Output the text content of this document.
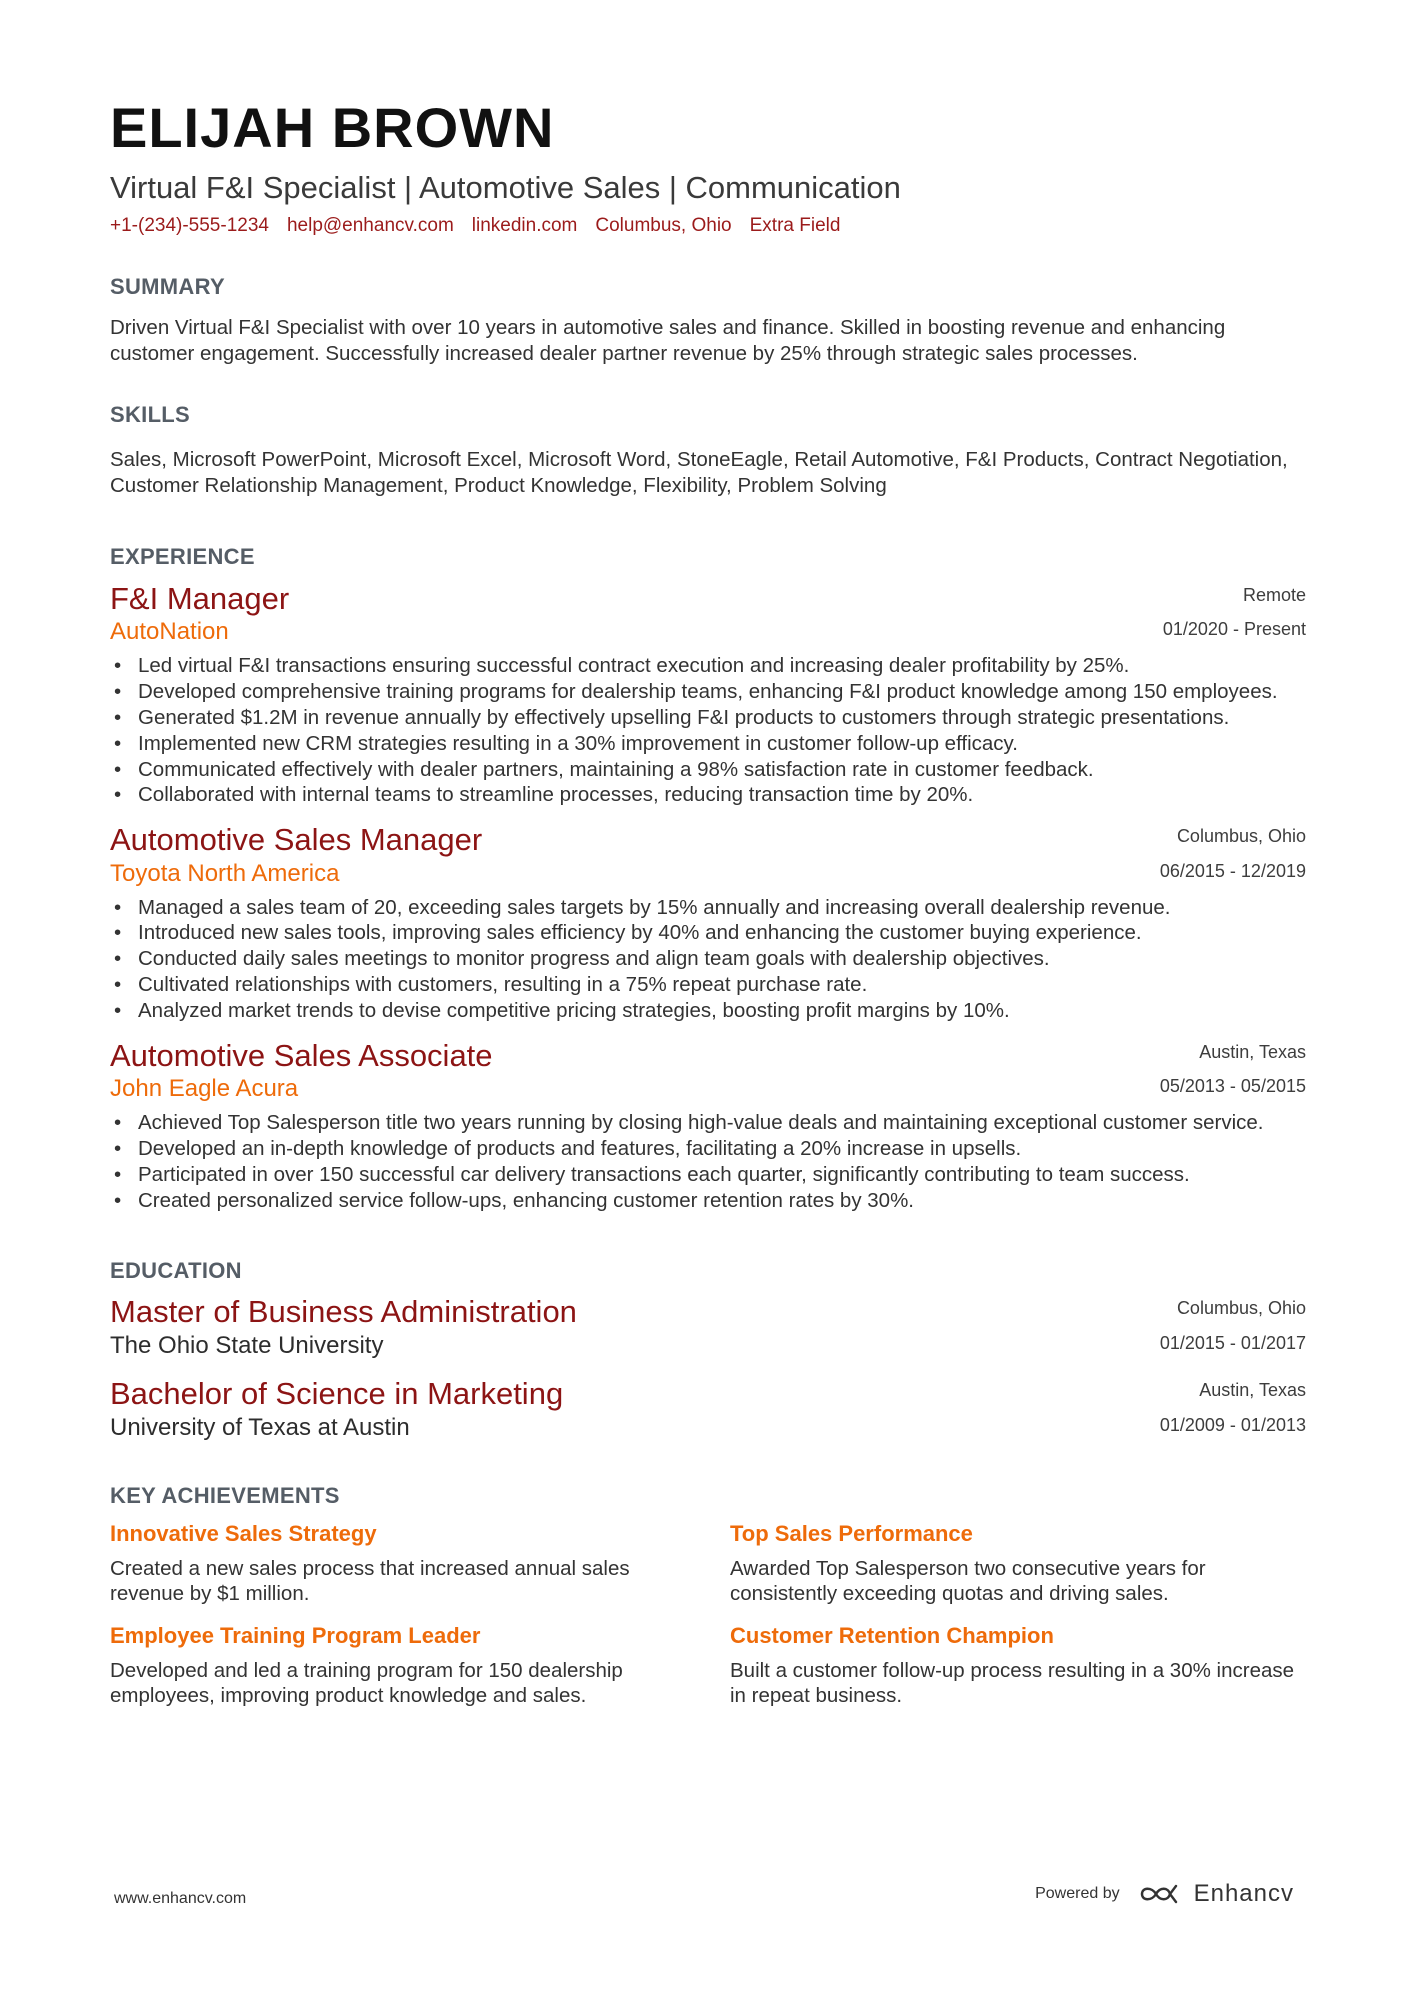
ELIJAH BROWN
Virtual F&I Specialist | Automotive Sales | Communication
+1-(234)-555-1234 help@enhancv.com linkedin.com Columbus, Ohio Extra Field
SUMMARY
Driven Virtual F&I Specialist with over 10 years in automotive sales and finance. Skilled in boosting revenue and enhancing customer engagement. Successfully increased dealer partner revenue by 25% through strategic sales processes.
SKILLS
Sales, Microsoft PowerPoint, Microsoft Excel, Microsoft Word, StoneEagle, Retail Automotive, F&I Products, Contract Negotiation, Customer Relationship Management, Product Knowledge, Flexibility, Problem Solving
EXPERIENCE
F&I Manager
AutoNation
Remote
01/2020 - Present
• Led virtual F&I transactions ensuring successful contract execution and increasing dealer profitability by 25%.
• Developed comprehensive training programs for dealership teams, enhancing F&I product knowledge among 150 employees.
• Generated $1.2M in revenue annually by effectively upselling F&I products to customers through strategic presentations.
• Implemented new CRM strategies resulting in a 30% improvement in customer follow-up efficacy.
• Communicated effectively with dealer partners, maintaining a 98% satisfaction rate in customer feedback.
• Collaborated with internal teams to streamline processes, reducing transaction time by 20%.
Automotive Sales Manager
Toyota North America
Columbus, Ohio
06/2015 - 12/2019
• Managed a sales team of 20, exceeding sales targets by 15% annually and increasing overall dealership revenue.
• Introduced new sales tools, improving sales efficiency by 40% and enhancing the customer buying experience.
• Conducted daily sales meetings to monitor progress and align team goals with dealership objectives.
• Cultivated relationships with customers, resulting in a 75% repeat purchase rate.
• Analyzed market trends to devise competitive pricing strategies, boosting profit margins by 10%.
Automotive Sales Associate
John Eagle Acura
Austin, Texas
05/2013 - 05/2015
• Achieved Top Salesperson title two years running by closing high-value deals and maintaining exceptional customer service.
• Developed an in-depth knowledge of products and features, facilitating a 20% increase in upsells.
• Participated in over 150 successful car delivery transactions each quarter, significantly contributing to team success.
• Created personalized service follow-ups, enhancing customer retention rates by 30%.
EDUCATION
Master of Business Administration
The Ohio State University
Columbus, Ohio
01/2015 - 01/2017
Bachelor of Science in Marketing
University of Texas at Austin
Austin, Texas
01/2009 - 01/2013
KEY ACHIEVEMENTS
Innovative Sales Strategy
Created a new sales process that increased annual sales revenue by $1 million.
Top Sales Performance
Awarded Top Salesperson two consecutive years for consistently exceeding quotas and driving sales.
Employee Training Program Leader
Developed and led a training program for 150 dealership employees, improving product knowledge and sales.
Customer Retention Champion
Built a customer follow-up process resulting in a 30% increase in repeat business.
www.enhancv.com	Powered by	Enhancv
